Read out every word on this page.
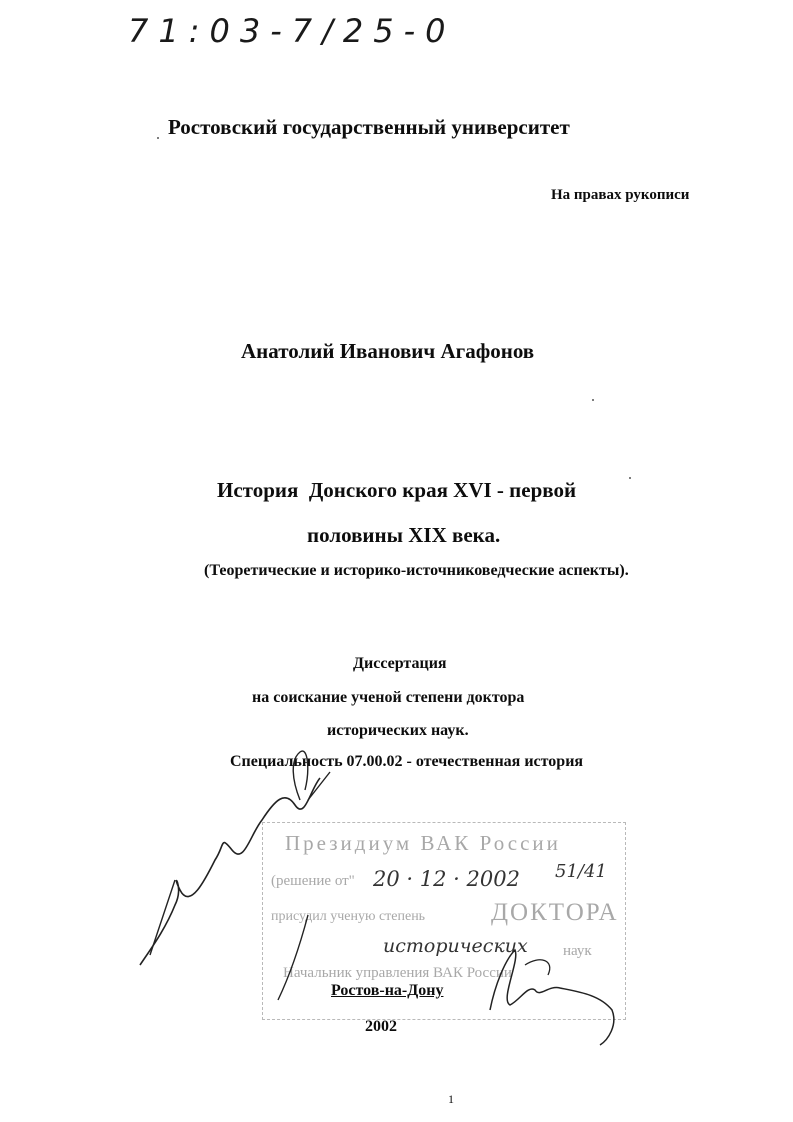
71:03-7/25-0
Ростовский государственный университет
На правах рукописи
Анатолий Иванович Агафонов
История  Донского края XVI - первой
половины XIX века.
(Теоретические и историко-источниковедческие аспекты).
Диссертация
на соискание ученой степени доктора
исторических наук.
Специальность 07.00.02 - отечественная история
Президиум ВАК России
(решение от" 20 · 12 · 2002 51/41
присудил ученую степень	ДОКТОРА
исторических наук
Начальник управления ВАК России
Ростов-на-Дону
2002
1
